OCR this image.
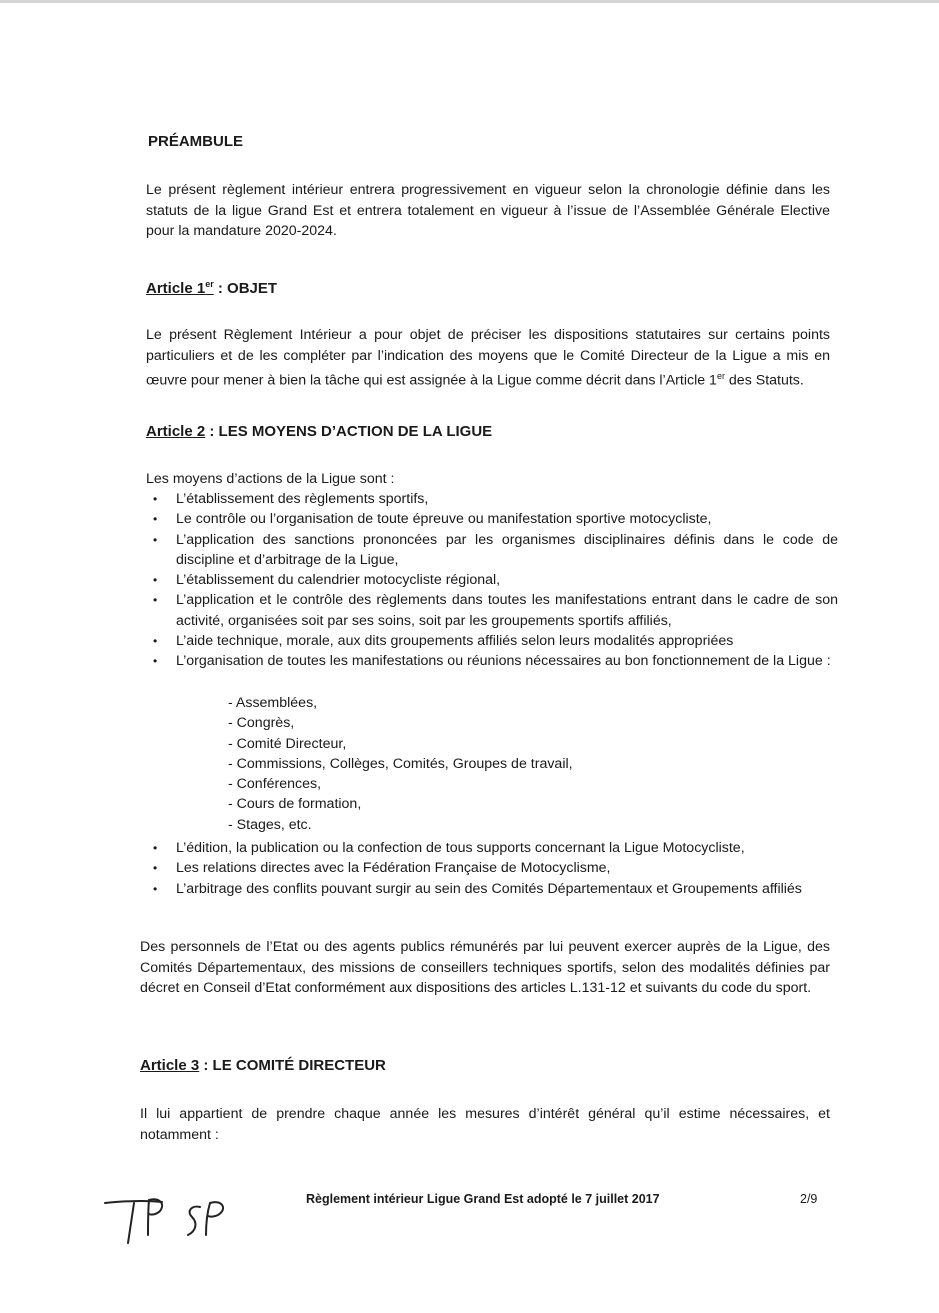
PRÉAMBULE

Le présent règlement intérieur entrera progressivement en vigueur selon la chronologie définie dans les statuts de la ligue Grand Est et entrera totalement en vigueur à l’issue de l’Assemblée Générale Elective pour la mandature 2020-2024.

Article 1er : OBJET

Le présent Règlement Intérieur a pour objet de préciser les dispositions statutaires sur certains points particuliers et de les compléter par l’indication des moyens que le Comité Directeur de la Ligue a mis en œuvre pour mener à bien la tâche qui est assignée à la Ligue comme décrit dans l’Article 1er des Statuts.

Article 2 : LES MOYENS D’ACTION DE LA LIGUE

Les moyens d’actions de la Ligue sont :

• L’établissement des règlements sportifs,
• Le contrôle ou l’organisation de toute épreuve ou manifestation sportive motocycliste,
• L’application des sanctions prononcées par les organismes disciplinaires définis dans le code de discipline et d’arbitrage de la Ligue,
• L’établissement du calendrier motocycliste régional,
• L’application et le contrôle des règlements dans toutes les manifestations entrant dans le cadre de son activité, organisées soit par ses soins, soit par les groupements sportifs affiliés,
• L’aide technique, morale, aux dits groupements affiliés selon leurs modalités appropriées
• L’organisation de toutes les manifestations ou réunions nécessaires au bon fonctionnement de la Ligue :
- Assemblées,
- Congrès,
- Comité Directeur,
- Commissions, Collèges, Comités, Groupes de travail,
- Conférences,
- Cours de formation,
- Stages, etc.
• L’édition, la publication ou la confection de tous supports concernant la Ligue Motocycliste,
• Les relations directes avec la Fédération Française de Motocyclisme,
• L’arbitrage des conflits pouvant surgir au sein des Comités Départementaux et Groupements affiliés

Des personnels de l’Etat ou des agents publics rémunérés par lui peuvent exercer auprès de la Ligue, des Comités Départementaux, des missions de conseillers techniques sportifs, selon des modalités définies par décret en Conseil d’Etat conformément aux dispositions des articles L.131-12 et suivants du code du sport.

Article 3 : LE COMITÉ DIRECTEUR

Il lui appartient de prendre chaque année les mesures d’intérêt général qu’il estime nécessaires, et notamment :

Règlement intérieur Ligue Grand Est adopté le 7 juillet 2017	2/9
